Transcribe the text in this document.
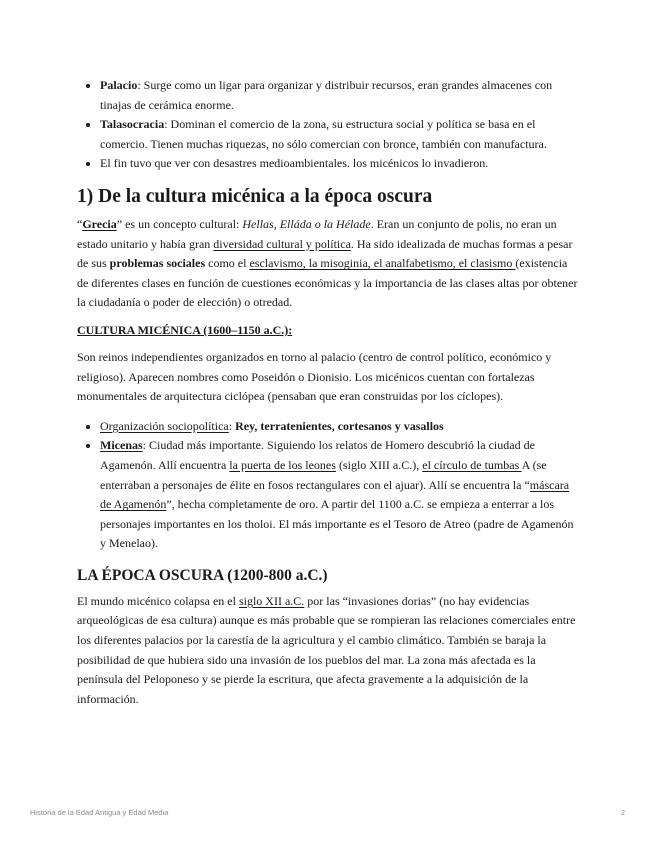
• Palacio: Surge como un ligar para organizar y distribuir recursos, eran grandes almacenes con tinajas de cerámica enorme.
• Talasocracia: Dominan el comercio de la zona, su estructura social y política se basa en el comercio. Tienen muchas riquezas, no sólo comercian con bronce, también con manufactura.
• El fin tuvo que ver con desastres medioambientales. los micénicos lo invadieron.
1) De la cultura micénica a la época oscura

“Grecia” es un concepto cultural: Hellas, Elláda o la Hélade. Eran un conjunto de polis, no eran un estado unitario y había gran diversidad cultural y política. Ha sido idealizada de muchas formas a pesar de sus problemas sociales como el esclavismo, la misoginia, el analfabetismo, el clasismo (existencia de diferentes clases en función de cuestiones económicas y la importancia de las clases altas por obtener la ciudadanía o poder de elección) o otredad.

CULTURA MICÉNICA (1600–1150 a.C.):

Son reinos independientes organizados en torno al palacio (centro de control político, económico y religioso). Aparecen nombres como Poseidón o Dionisio. Los micénicos cuentan con fortalezas monumentales de arquitectura ciclópea (pensaban que eran construidas por los cíclopes).

• Organización sociopolítica: Rey, terratenientes, cortesanos y vasallos
• Micenas: Ciudad más importante. Siguiendo los relatos de Homero descubrió la ciudad de Agamenón. Allí encuentra la puerta de los leones (siglo XIII a.C.), el círculo de tumbas A (se enterraban a personajes de élite en fosos rectangulares con el ajuar). Allí se encuentra la “máscara de Agamenón”, hecha completamente de oro. A partir del 1100 a.C. se empieza a enterrar a los personajes importantes en los tholoi. El más importante es el Tesoro de Atreo (padre de Agamenón y Menelao).
LA ÉPOCA OSCURA (1200-800 a.C.)

El mundo micénico colapsa en el siglo XII a.C. por las “invasiones dorias” (no hay evidencias arqueológicas de esa cultura) aunque es más probable que se rompieran las relaciones comerciales entre los diferentes palacios por la carestía de la agricultura y el cambio climático. También se baraja la posibilidad de que hubiera sido una invasión de los pueblos del mar. La zona más afectada es la península del Peloponeso y se pierde la escritura, que afecta gravemente a la adquisición de la información.

Historia de la Edad Antigua y Edad Media	2
